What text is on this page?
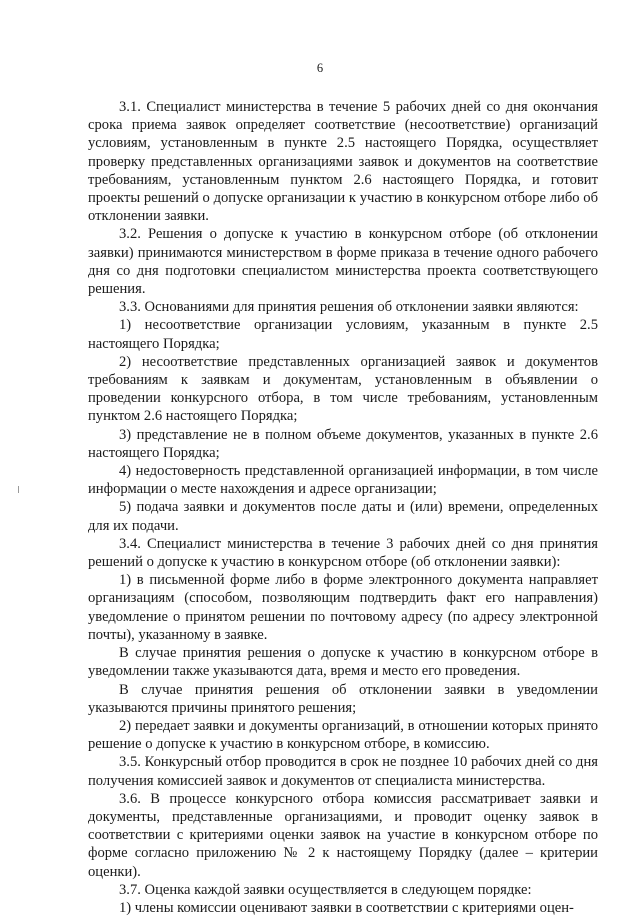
6

3.1. Специалист министерства в течение 5 рабочих дней со дня окончания срока приема заявок определяет соответствие (несоответствие) организаций условиям, установленным в пункте 2.5 настоящего Порядка, осуществляет проверку представленных организациями заявок и документов на соответствие требованиям, установленным пунктом 2.6 настоящего Порядка, и готовит проекты решений о допуске организации к участию в конкурсном отборе либо об отклонении заявки.

3.2. Решения о допуске к участию в конкурсном отборе (об отклонении заявки) принимаются министерством в форме приказа в течение одного рабочего дня со дня подготовки специалистом министерства проекта соответствующего решения.

3.3. Основаниями для принятия решения об отклонении заявки являются:

1) несоответствие организации условиям, указанным в пункте 2.5 настоящего Порядка;

2) несоответствие представленных организацией заявок и документов требованиям к заявкам и документам, установленным в объявлении о проведении конкурсного отбора, в том числе требованиям, установленным пунктом 2.6 настоящего Порядка;

3) представление не в полном объеме документов, указанных в пункте 2.6 настоящего Порядка;

4) недостоверность представленной организацией информации, в том числе информации о месте нахождения и адресе организации;

5) подача заявки и документов после даты и (или) времени, определенных для их подачи.

3.4. Специалист министерства в течение 3 рабочих дней со дня принятия решений о допуске к участию в конкурсном отборе (об отклонении заявки):

1) в письменной форме либо в форме электронного документа направляет организациям (способом, позволяющим подтвердить факт его направления) уведомление о принятом решении по почтовому адресу (по адресу электронной почты), указанному в заявке.

В случае принятия решения о допуске к участию в конкурсном отборе в уведомлении также указываются дата, время и место его проведения.

В случае принятия решения об отклонении заявки в уведомлении указываются причины принятого решения;

2) передает заявки и документы организаций, в отношении которых принято решение о допуске к участию в конкурсном отборе, в комиссию.

3.5. Конкурсный отбор проводится в срок не позднее 10 рабочих дней со дня получения комиссией заявок и документов от специалиста министерства.

3.6. В процессе конкурсного отбора комиссия рассматривает заявки и документы, представленные организациями, и проводит оценку заявок в соответствии с критериями оценки заявок на участие в конкурсном отборе по форме согласно приложению № 2 к настоящему Порядку (далее – критерии оценки).

3.7. Оценка каждой заявки осуществляется в следующем порядке:

1) члены комиссии оценивают заявки в соответствии с критериями оцен-
